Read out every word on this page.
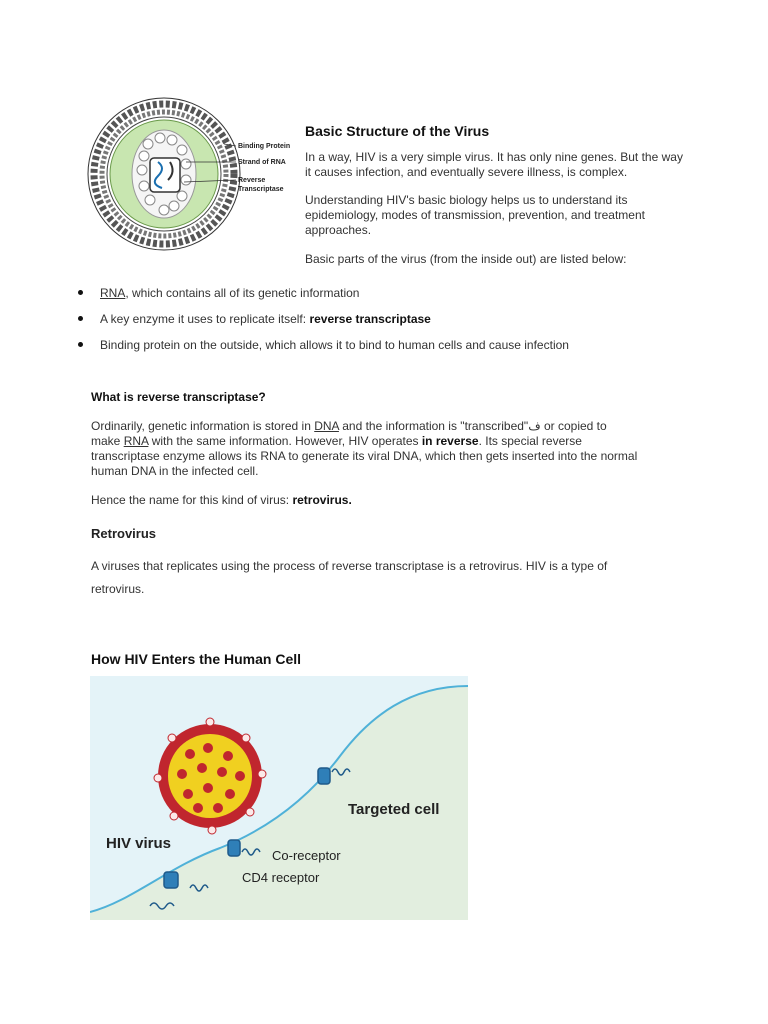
Binding Protein
Strand of RNA
Reverse
Transcriptase
Basic Structure of the Virus
In a way, HIV is a very simple virus. It has only nine genes. But the way it causes infection, and eventually severe illness, is complex.
Understanding HIV's basic biology helps us to understand its epidemiology, modes of transmission, prevention, and treatment approaches.
Basic parts of the virus (from the inside out) are listed below:
RNA, which contains all of its genetic information
A key enzyme it uses to replicate itself: reverse transcriptase
Binding protein on the outside, which allows it to bind to human cells and cause infection
What is reverse transcriptase?
Ordinarily, genetic information is stored in DNA and the information is "transcribed"ف or copied to
make RNA with the same information. However, HIV operates in reverse. Its special reverse
transcriptase enzyme allows its RNA to generate its viral DNA, which then gets inserted into the normal
human DNA in the infected cell.
Hence the name for this kind of virus: retrovirus.
Retrovirus
A viruses that replicates using the process of reverse transcriptase is a retrovirus. HIV is a type of
retrovirus.
How HIV Enters the Human Cell
HIV virus
Targeted cell
Co-receptor
CD4 receptor
